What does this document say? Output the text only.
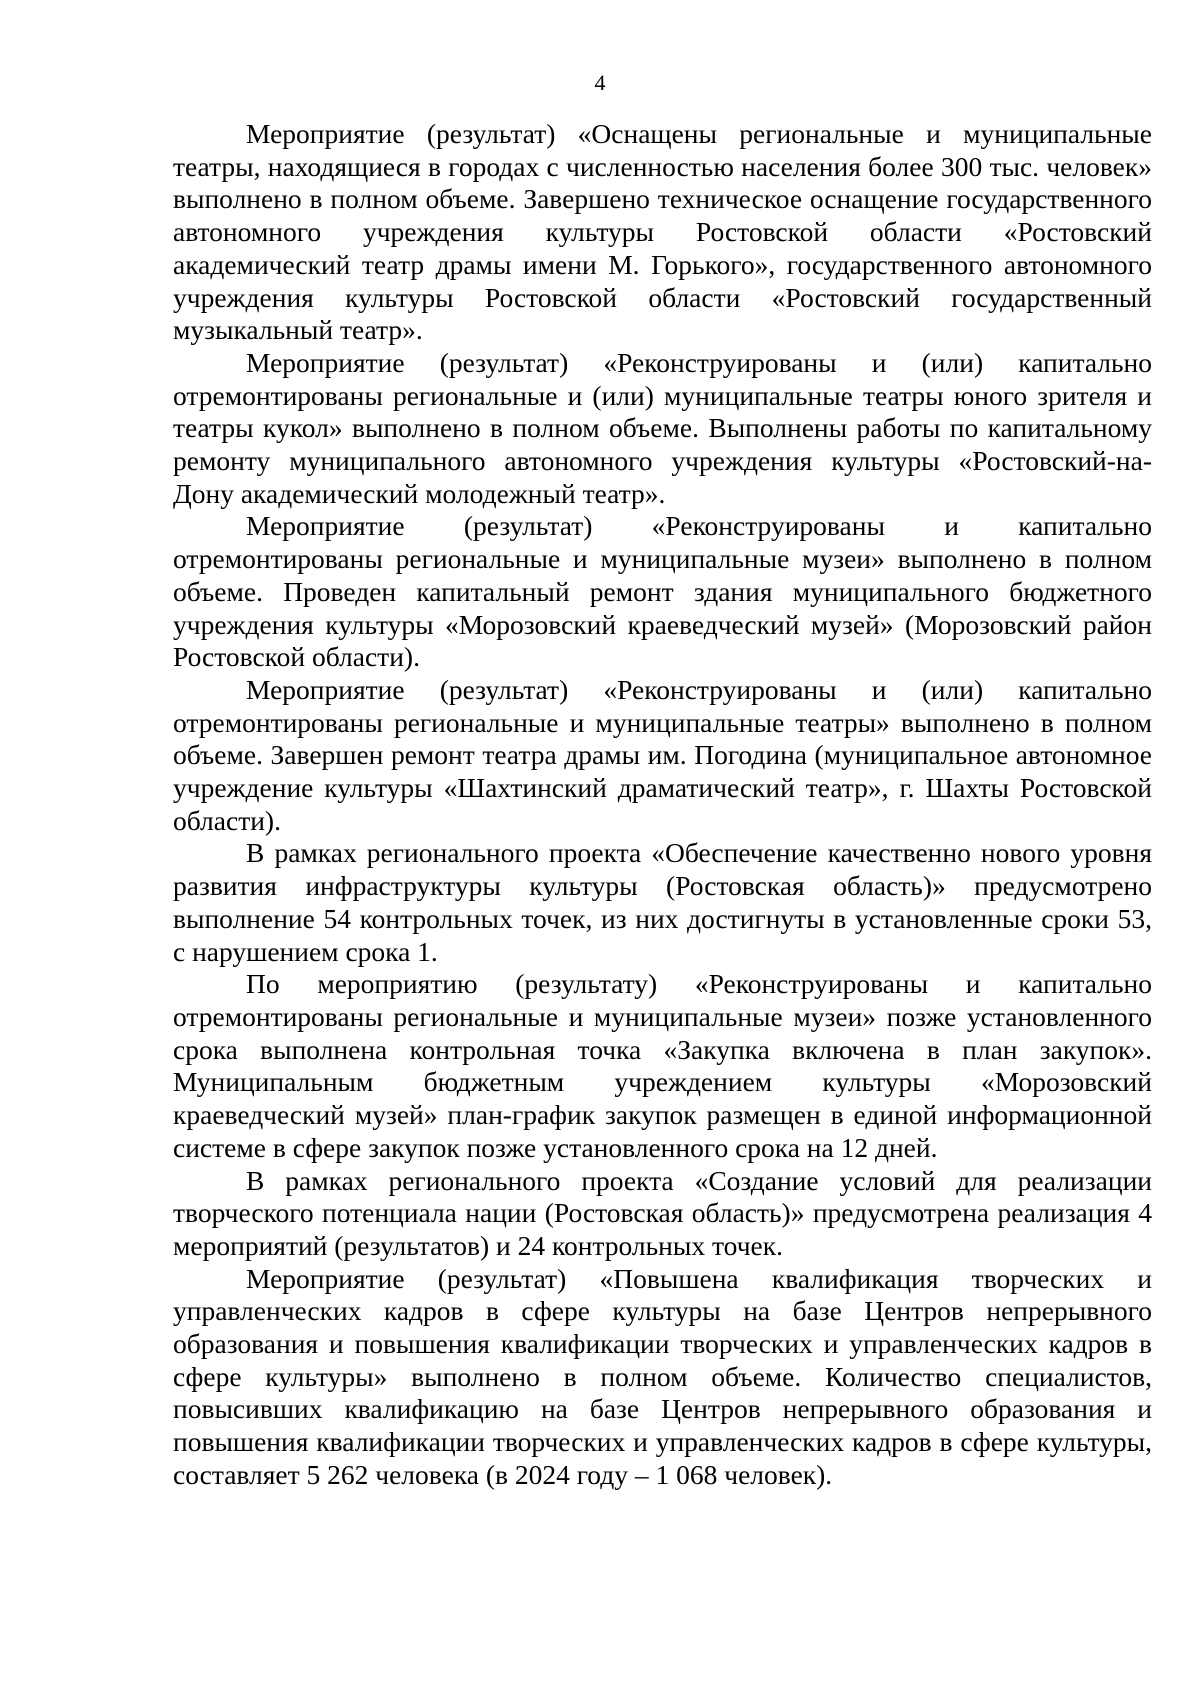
4

Мероприятие (результат) «Оснащены региональные и муниципальные театры, находящиеся в городах с численностью населения более 300 тыс. человек» выполнено в полном объеме. Завершено техническое оснащение государственного автономного учреждения культуры Ростовской области «Ростовский академический театр драмы имени М. Горького», государственного автономного учреждения культуры Ростовской области «Ростовский государственный музыкальный театр».

Мероприятие (результат) «Реконструированы и (или) капитально отремонтированы региональные и (или) муниципальные театры юного зрителя и театры кукол» выполнено в полном объеме. Выполнены работы по капитальному ремонту муниципального автономного учреждения культуры «Ростовский-на-Дону академический молодежный театр».

Мероприятие (результат) «Реконструированы и капитально отремонтированы региональные и муниципальные музеи» выполнено в полном объеме. Проведен капитальный ремонт здания муниципального бюджетного учреждения культуры «Морозовский краеведческий музей» (Морозовский район Ростовской области).

Мероприятие (результат) «Реконструированы и (или) капитально отремонтированы региональные и муниципальные театры» выполнено в полном объеме. Завершен ремонт театра драмы им. Погодина (муниципальное автономное учреждение культуры «Шахтинский драматический театр», г. Шахты Ростовской области).

В рамках регионального проекта «Обеспечение качественно нового уровня развития инфраструктуры культуры (Ростовская область)» предусмотрено выполнение 54 контрольных точек, из них достигнуты в установленные сроки 53, с нарушением срока 1.

По мероприятию (результату) «Реконструированы и капитально отремонтированы региональные и муниципальные музеи» позже установленного срока выполнена контрольная точка «Закупка включена в план закупок». Муниципальным бюджетным учреждением культуры «Морозовский краеведческий музей» план-график закупок размещен в единой информационной системе в сфере закупок позже установленного срока на 12 дней.

В рамках регионального проекта «Создание условий для реализации творческого потенциала нации (Ростовская область)» предусмотрена реализация 4 мероприятий (результатов) и 24 контрольных точек.

Мероприятие (результат) «Повышена квалификация творческих и управленческих кадров в сфере культуры на базе Центров непрерывного образования и повышения квалификации творческих и управленческих кадров в сфере культуры» выполнено в полном объеме. Количество специалистов, повысивших квалификацию на базе Центров непрерывного образования и повышения квалификации творческих и управленческих кадров в сфере культуры, составляет 5 262 человека (в 2024 году – 1 068 человек).
